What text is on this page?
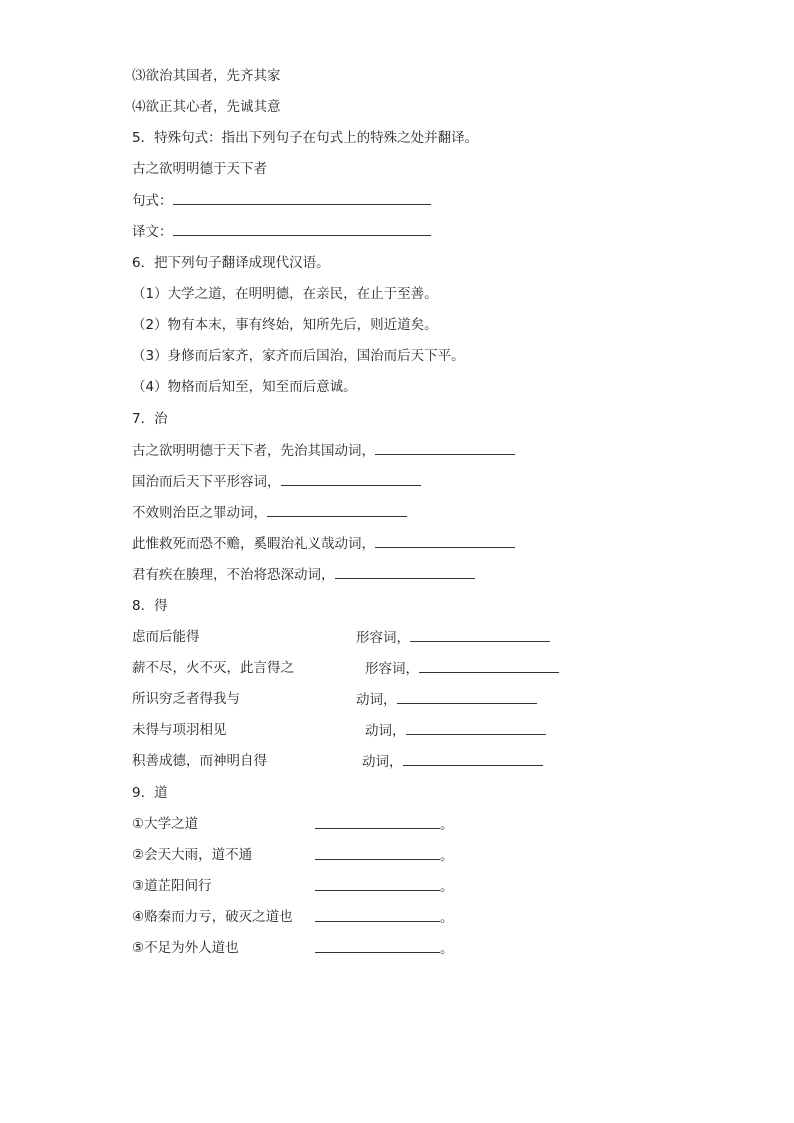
⑶欲治其国者，先齐其家
⑷欲正其心者，先诚其意
5．特殊句式：指出下列句子在句式上的特殊之处并翻译。
古之欲明明德于天下者
句式：
译文：
6．把下列句子翻译成现代汉语。
（1）大学之道，在明明德，在亲民，在止于至善。
（2）物有本末，事有终始，知所先后，则近道矣。
（3）身修而后家齐，家齐而后国治，国治而后天下平。
（4）物格而后知至，知至而后意诚。
7．治
古之欲明明德于天下者，先治其国动词，
国治而后天下平形容词，
不效则治臣之罪动词，
此惟救死而恐不赡，奚暇治礼义哉动词，
君有疾在腠理，不治将恐深动词，
8．得
虑而后能得	形容词，
薪不尽，火不灭，此言得之	形容词，
所识穷乏者得我与	动词，
未得与项羽相见	动词，
积善成德，而神明自得	动词，
9．道
①大学之道	。
②会天大雨，道不通	。
③道芷阳间行	。
④赂秦而力亏，破灭之道也	。
⑤不足为外人道也	。
